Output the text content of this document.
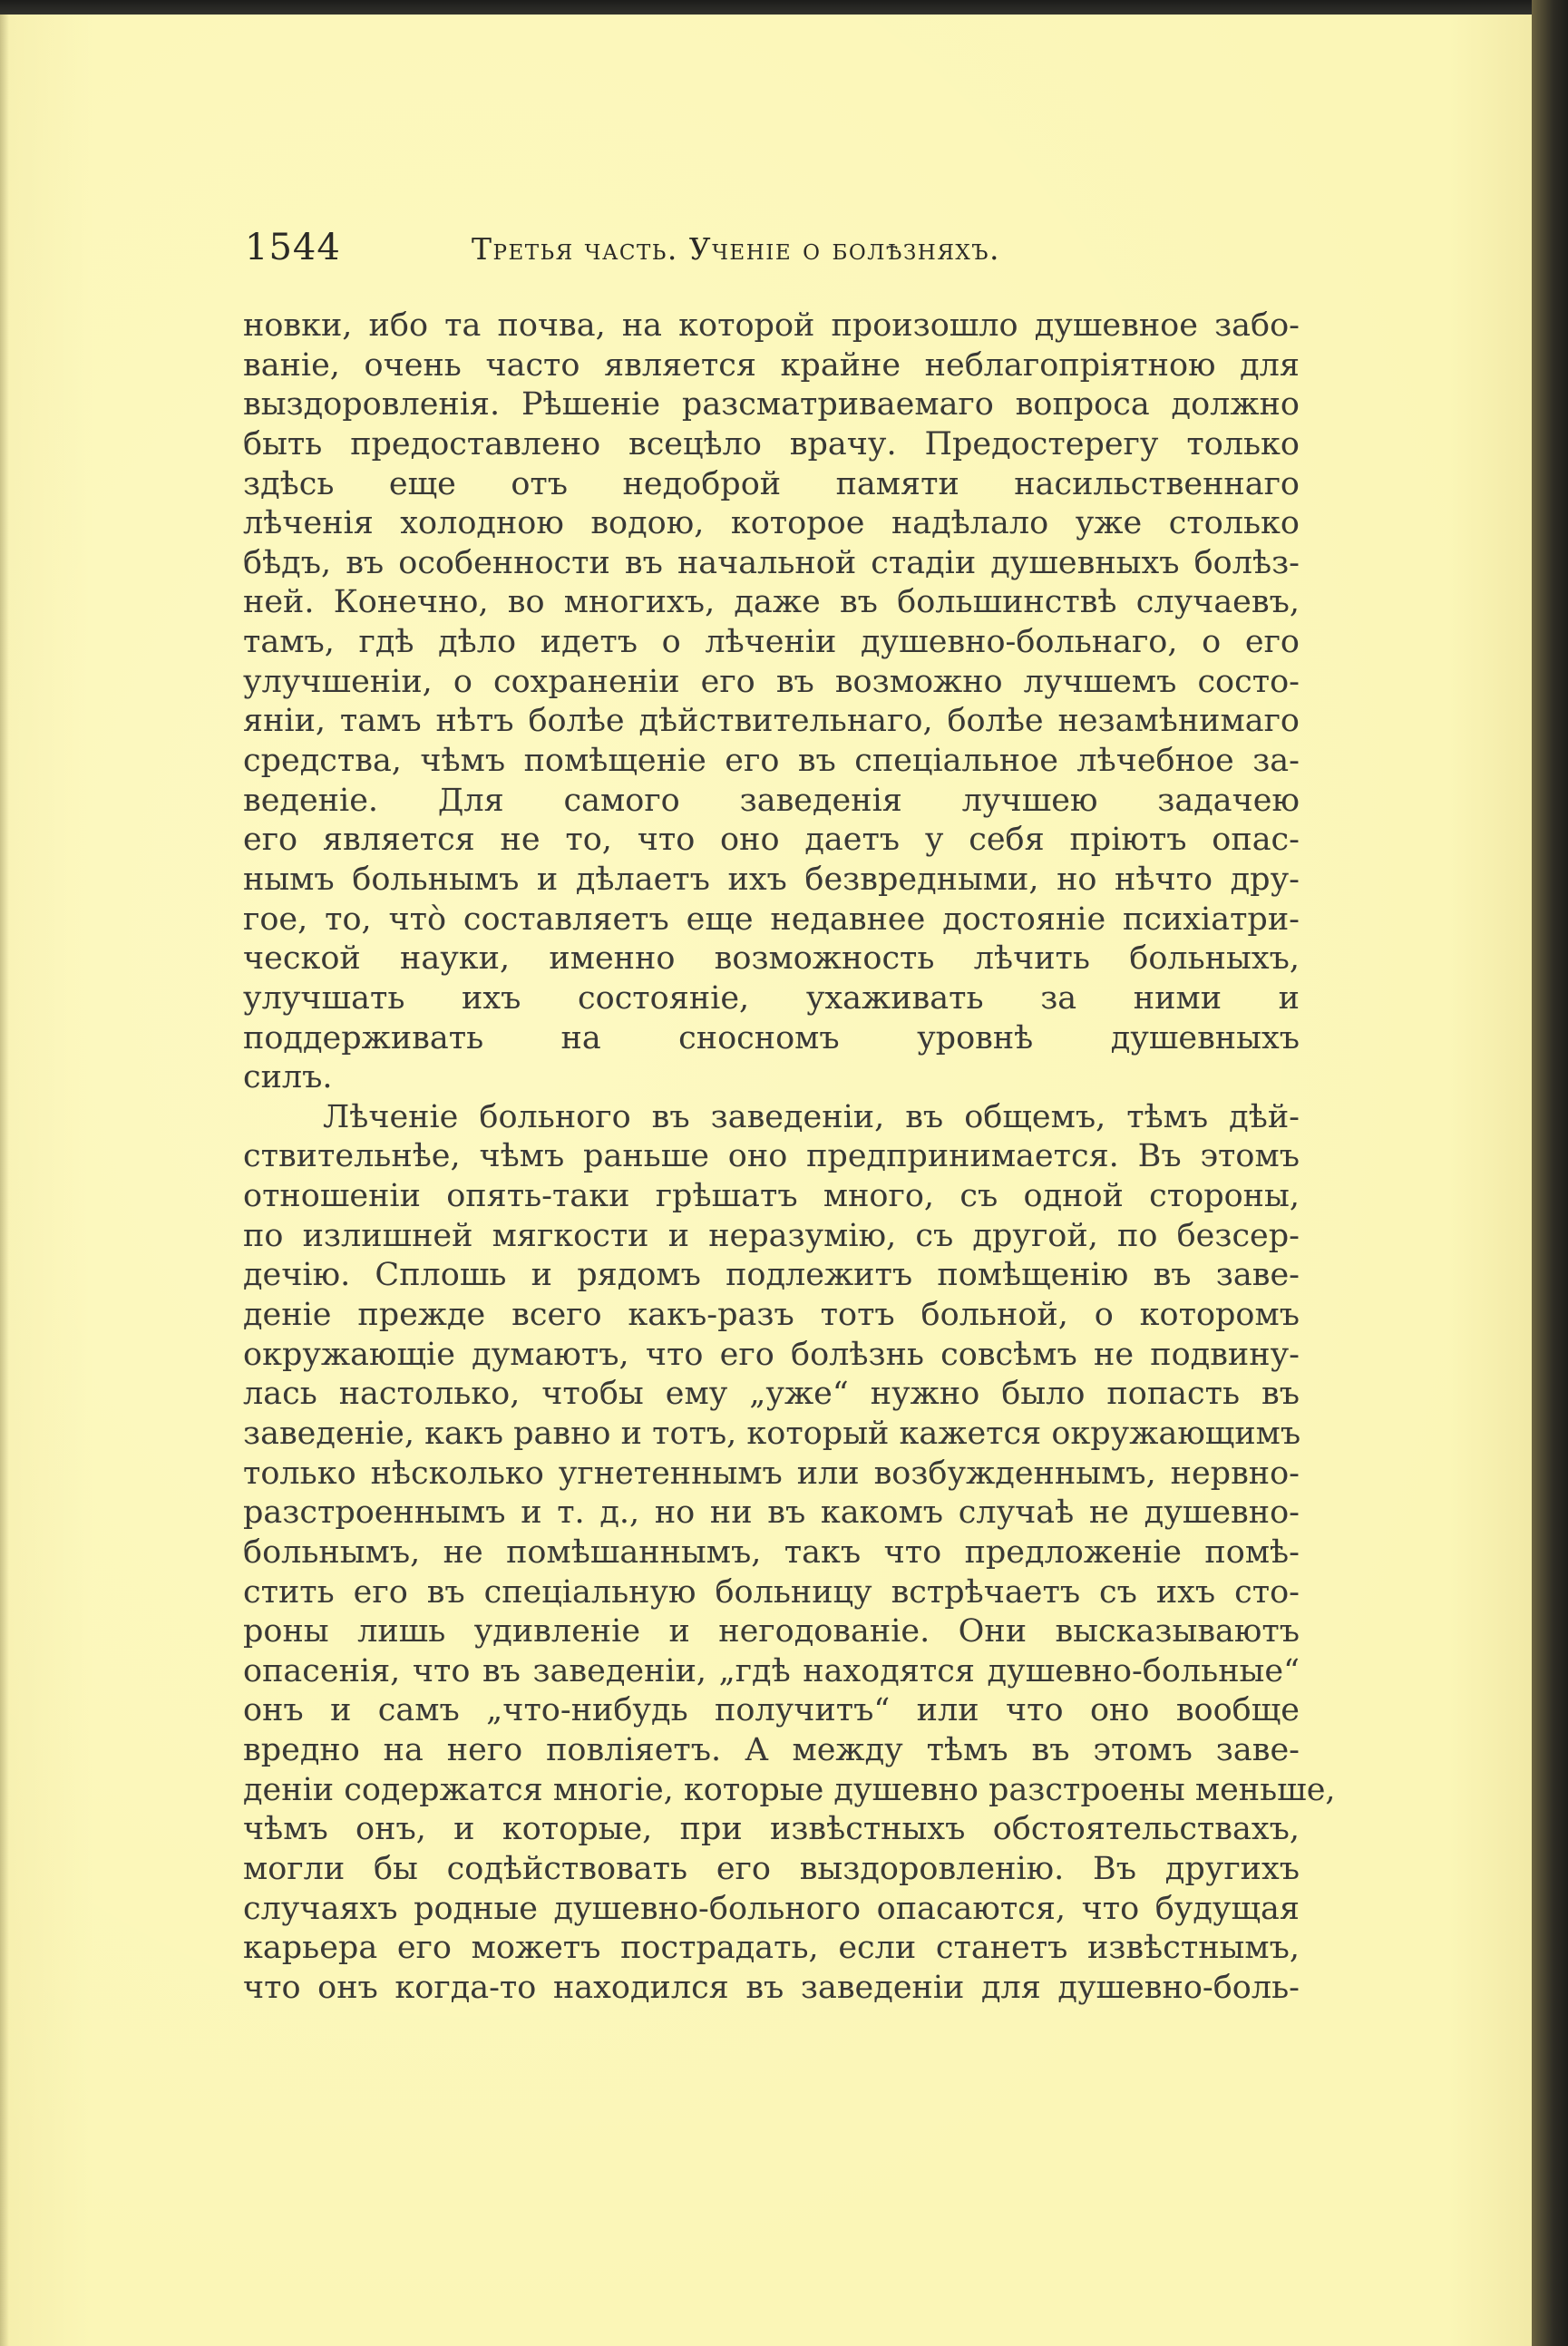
1544	Третья часть. Ученіе о болѣзняхъ.
новки, ибо та почва, на которой произошло душевное забо-
ваніе, очень часто является крайне неблагопріятною для
выздоровленія. Рѣшеніе разсматриваемаго вопроса должно
быть предоставлено всецѣло врачу. Предостерегу только
здѣсь еще отъ недоброй памяти насильственнаго
лѣченія холодною водою, которое надѣлало уже столько
бѣдъ, въ особенности въ начальной стадіи душевныхъ болѣз-
ней. Конечно, во многихъ, даже въ большинствѣ случаевъ,
тамъ, гдѣ дѣло идетъ о лѣченіи душевно-больнаго, о его
улучшеніи, о сохраненіи его въ возможно лучшемъ состо-
яніи, тамъ нѣтъ болѣе дѣйствительнаго, болѣе незамѣнимаго
средства, чѣмъ помѣщеніе его въ спеціальное лѣчебное за-
веденіе. Для самого заведенія лучшею задачею
его является не то, что оно даетъ у себя пріютъ опас-
нымъ больнымъ и дѣлаетъ ихъ безвредными, но нѣчто дру-
гое, то, что̀ составляетъ еще недавнее достояніе психіатри-
ческой науки, именно возможность лѣчить больныхъ,
улучшать ихъ состояніе, ухаживать за ними и
поддерживать на сносномъ уровнѣ душевныхъ
силъ.
Лѣченіе больного въ заведеніи, въ общемъ, тѣмъ дѣй-
ствительнѣе, чѣмъ раньше оно предпринимается. Въ этомъ
отношеніи опять-таки грѣшатъ много, съ одной стороны,
по излишней мягкости и неразумію, съ другой, по безсер-
дечію. Сплошь и рядомъ подлежитъ помѣщенію въ заве-
деніе прежде всего какъ-разъ тотъ больной, о которомъ
окружающіе думаютъ, что его болѣзнь совсѣмъ не подвину-
лась настолько, чтобы ему „уже“ нужно было попасть въ
заведеніе, какъ равно и тотъ, который кажется окружающимъ
только нѣсколько угнетеннымъ или возбужденнымъ, нервно-
разстроеннымъ и т. д., но ни въ какомъ случаѣ не душевно-
больнымъ, не помѣшаннымъ, такъ что предложеніе помѣ-
стить его въ спеціальную больницу встрѣчаетъ съ ихъ сто-
роны лишь удивленіе и негодованіе. Они высказываютъ
опасенія, что въ заведеніи, „гдѣ находятся душевно-больные“
онъ и самъ „что-нибудь получитъ“ или что оно вообще
вредно на него повліяетъ. А между тѣмъ въ этомъ заве-
деніи содержатся многіе, которые душевно разстроены меньше,
чѣмъ онъ, и которые, при извѣстныхъ обстоятельствахъ,
могли бы содѣйствовать его выздоровленію. Въ другихъ
случаяхъ родные душевно-больного опасаются, что будущая
карьера его можетъ пострадать, если станетъ извѣстнымъ,
что онъ когда-то находился въ заведеніи для душевно-боль-
